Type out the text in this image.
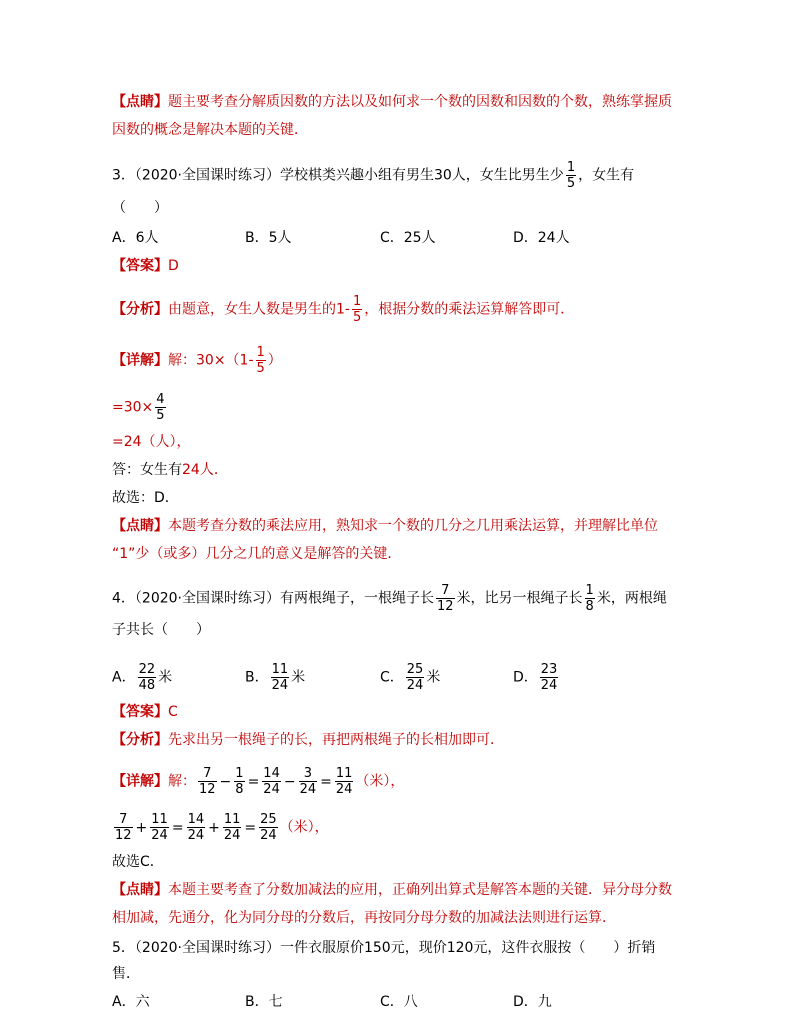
【点睛】题主要考查分解质因数的方法以及如何求一个数的因数和因数的个数，熟练掌握质
因数的概念是解决本题的关键．
3．（2020·全国课时练习）学校棋类兴趣小组有男生30人，女生比男生少 $\frac{1}{5}$ ，女生有
（　　）
A．6人	B．5人	C．25人	D．24人
【答案】D
【分析】由题意，女生人数是男生的$1- \frac{1}{5}$ ，根据分数的乘法运算解答即可．
【详解】解：$30\times(1- \frac{1}{5}$ ）
$=30\times \frac{4}{5}$
=24（人），
答：女生有24人．
故选：D．
【点睛】本题考查分数的乘法应用，熟知求一个数的几分之几用乘法运算，并理解比单位
“1”少（或多）几分之几的意义是解答的关键．
4．（2020·全国课时练习）有两根绳子，一根绳子长 $\frac{7}{12}$ 米，比另一根绳子长 $\frac{1}{8}$ 米，两根绳
子共长（　　）
A． $\frac{22}{48}$ 米	B． $\frac{11}{24}$ 米	C． $\frac{25}{24}$ 米	D． $\frac{23}{24}$
【答案】C
【分析】先求出另一根绳子的长，再把两根绳子的长相加即可．
【详解】解： $\frac{7}{12} - \frac{1}{8} = \frac{14}{24} - \frac{3}{24} = \frac{11}{24}$ （米），
$\frac{7}{12} + \frac{11}{24} = \frac{14}{24} + \frac{11}{24} = \frac{25}{24}$ （米），
故选C．
【点睛】本题主要考查了分数加减法的应用，正确列出算式是解答本题的关键．异分母分数
相加减，先通分，化为同分母的分数后，再按同分母分数的加减法法则进行运算．
5．（2020·全国课时练习）一件衣服原价150元，现价120元，这件衣服按（　　）折销
售．
A．六	B．七	C．八	D．九
